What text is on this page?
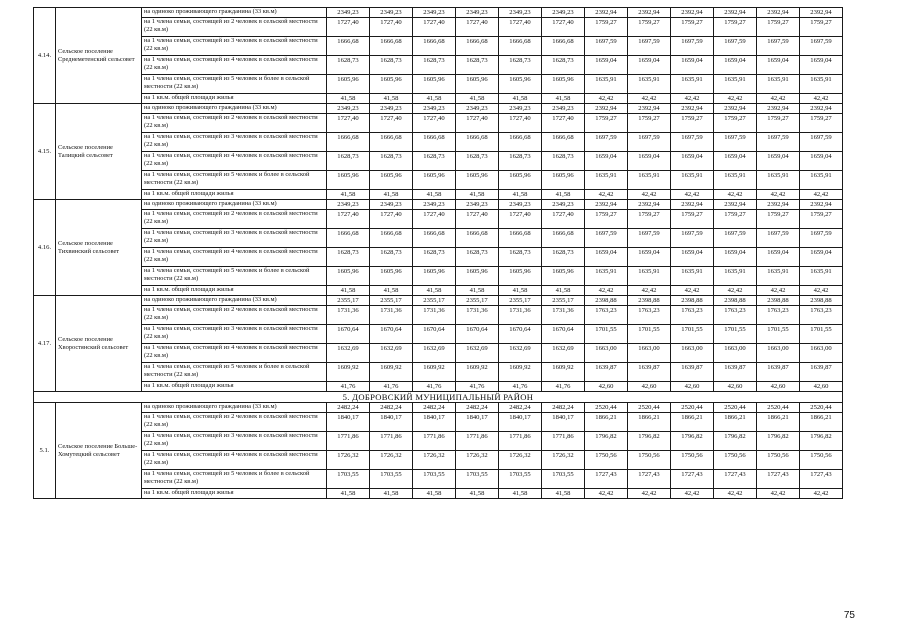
4.14.	Сельское поселение Среднеметенский сельсовет	на одиноко проживающего гражданина (33 кв.м)	2349,23	2349,23	2349,23	2349,23	2349,23	2349,23	2392,94	2392,94	2392,94	2392,94	2392,94	2392,94
		на 1 члена семьи, состоящей из 2 человек в сельской местности (22 кв.м)	1727,40	1727,40	1727,40	1727,40	1727,40	1727,40	1759,27	1759,27	1759,27	1759,27	1759,27	1759,27
		на 1 члена семьи, состоящей из 3 человек в сельской местности (22 кв.м)	1666,68	1666,68	1666,68	1666,68	1666,68	1666,68	1697,59	1697,59	1697,59	1697,59	1697,59	1697,59
		на 1 члена семьи, состоящей из 4 человек в сельской местности (22 кв.м)	1628,73	1628,73	1628,73	1628,73	1628,73	1628,73	1659,04	1659,04	1659,04	1659,04	1659,04	1659,04
		на 1 члена семьи, состоящей из 5 человек и более в сельской местности (22 кв.м)	1605,96	1605,96	1605,96	1605,96	1605,96	1605,96	1635,91	1635,91	1635,91	1635,91	1635,91	1635,91
		на 1 кв.м. общей площади жилья	41,58	41,58	41,58	41,58	41,58	41,58	42,42	42,42	42,42	42,42	42,42	42,42
4.15.	Сельское поселение Талицкий сельсовет	на одиноко проживающего гражданина (33 кв.м)	2349,23	2349,23	2349,23	2349,23	2349,23	2349,23	2392,94	2392,94	2392,94	2392,94	2392,94	2392,94
		на 1 члена семьи, состоящей из 2 человек в сельской местности (22 кв.м)	1727,40	1727,40	1727,40	1727,40	1727,40	1727,40	1759,27	1759,27	1759,27	1759,27	1759,27	1759,27
		на 1 члена семьи, состоящей из 3 человек в сельской местности (22 кв.м)	1666,68	1666,68	1666,68	1666,68	1666,68	1666,68	1697,59	1697,59	1697,59	1697,59	1697,59	1697,59
		на 1 члена семьи, состоящей из 4 человек в сельской местности (22 кв.м)	1628,73	1628,73	1628,73	1628,73	1628,73	1628,73	1659,04	1659,04	1659,04	1659,04	1659,04	1659,04
		на 1 члена семьи, состоящей из 5 человек и более в сельской местности (22 кв.м)	1605,96	1605,96	1605,96	1605,96	1605,96	1605,96	1635,91	1635,91	1635,91	1635,91	1635,91	1635,91
		на 1 кв.м. общей площади жилья	41,58	41,58	41,58	41,58	41,58	41,58	42,42	42,42	42,42	42,42	42,42	42,42
4.16.	Сельское поселение Тихвинский сельсовет	на одиноко проживающего гражданина (33 кв.м)	2349,23	2349,23	2349,23	2349,23	2349,23	2349,23	2392,94	2392,94	2392,94	2392,94	2392,94	2392,94
		на 1 члена семьи, состоящей из 2 человек в сельской местности (22 кв.м)	1727,40	1727,40	1727,40	1727,40	1727,40	1727,40	1759,27	1759,27	1759,27	1759,27	1759,27	1759,27
		на 1 члена семьи, состоящей из 3 человек в сельской местности (22 кв.м)	1666,68	1666,68	1666,68	1666,68	1666,68	1666,68	1697,59	1697,59	1697,59	1697,59	1697,59	1697,59
		на 1 члена семьи, состоящей из 4 человек в сельской местности (22 кв.м)	1628,73	1628,73	1628,73	1628,73	1628,73	1628,73	1659,04	1659,04	1659,04	1659,04	1659,04	1659,04
		на 1 члена семьи, состоящей из 5 человек и более в сельской местности (22 кв.м)	1605,96	1605,96	1605,96	1605,96	1605,96	1605,96	1635,91	1635,91	1635,91	1635,91	1635,91	1635,91
		на 1 кв.м. общей площади жилья	41,58	41,58	41,58	41,58	41,58	41,58	42,42	42,42	42,42	42,42	42,42	42,42
4.17.	Сельское поселение Хворостянский сельсовет	на одиноко проживающего гражданина (33 кв.м)	2355,17	2355,17	2355,17	2355,17	2355,17	2355,17	2398,88	2398,88	2398,88	2398,88	2398,88	2398,88
		на 1 члена семьи, состоящей из 2 человек в сельской местности (22 кв.м)	1731,36	1731,36	1731,36	1731,36	1731,36	1731,36	1763,23	1763,23	1763,23	1763,23	1763,23	1763,23
		на 1 члена семьи, состоящей из 3 человек в сельской местности (22 кв.м)	1670,64	1670,64	1670,64	1670,64	1670,64	1670,64	1701,55	1701,55	1701,55	1701,55	1701,55	1701,55
		на 1 члена семьи, состоящей из 4 человек в сельской местности (22 кв.м)	1632,69	1632,69	1632,69	1632,69	1632,69	1632,69	1663,00	1663,00	1663,00	1663,00	1663,00	1663,00
		на 1 члена семьи, состоящей из 5 человек и более в сельской местности (22 кв.м)	1609,92	1609,92	1609,92	1609,92	1609,92	1609,92	1639,87	1639,87	1639,87	1639,87	1639,87	1639,87
		на 1 кв.м. общей площади жилья	41,76	41,76	41,76	41,76	41,76	41,76	42,60	42,60	42,60	42,60	42,60	42,60
5. ДОБРОВСКИЙ МУНИЦИПАЛЬНЫЙ РАЙОН														
5.1.	Сельское поселение Больше-Хомутецкий сельсовет	на одиноко проживающего гражданина (33 кв.м)	2482,24	2482,24	2482,24	2482,24	2482,24	2482,24	2520,44	2520,44	2520,44	2520,44	2520,44	2520,44
		на 1 члена семьи, состоящей из 2 человек в сельской местности (22 кв.м)	1840,17	1840,17	1840,17	1840,17	1840,17	1840,17	1866,21	1866,21	1866,21	1866,21	1866,21	1866,21
		на 1 члена семьи, состоящей из 3 человек в сельской местности (22 кв.м)	1771,86	1771,86	1771,86	1771,86	1771,86	1771,86	1796,82	1796,82	1796,82	1796,82	1796,82	1796,82
		на 1 члена семьи, состоящей из 4 человек в сельской местности (22 кв.м)	1726,32	1726,32	1726,32	1726,32	1726,32	1726,32	1750,56	1750,56	1750,56	1750,56	1750,56	1750,56
		на 1 члена семьи, состоящей из 5 человек и более в сельской местности (22 кв.м)	1703,55	1703,55	1703,55	1703,55	1703,55	1703,55	1727,43	1727,43	1727,43	1727,43	1727,43	1727,43
		на 1 кв.м. общей площади жилья	41,58	41,58	41,58	41,58	41,58	41,58	42,42	42,42	42,42	42,42	42,42	42,42
75
